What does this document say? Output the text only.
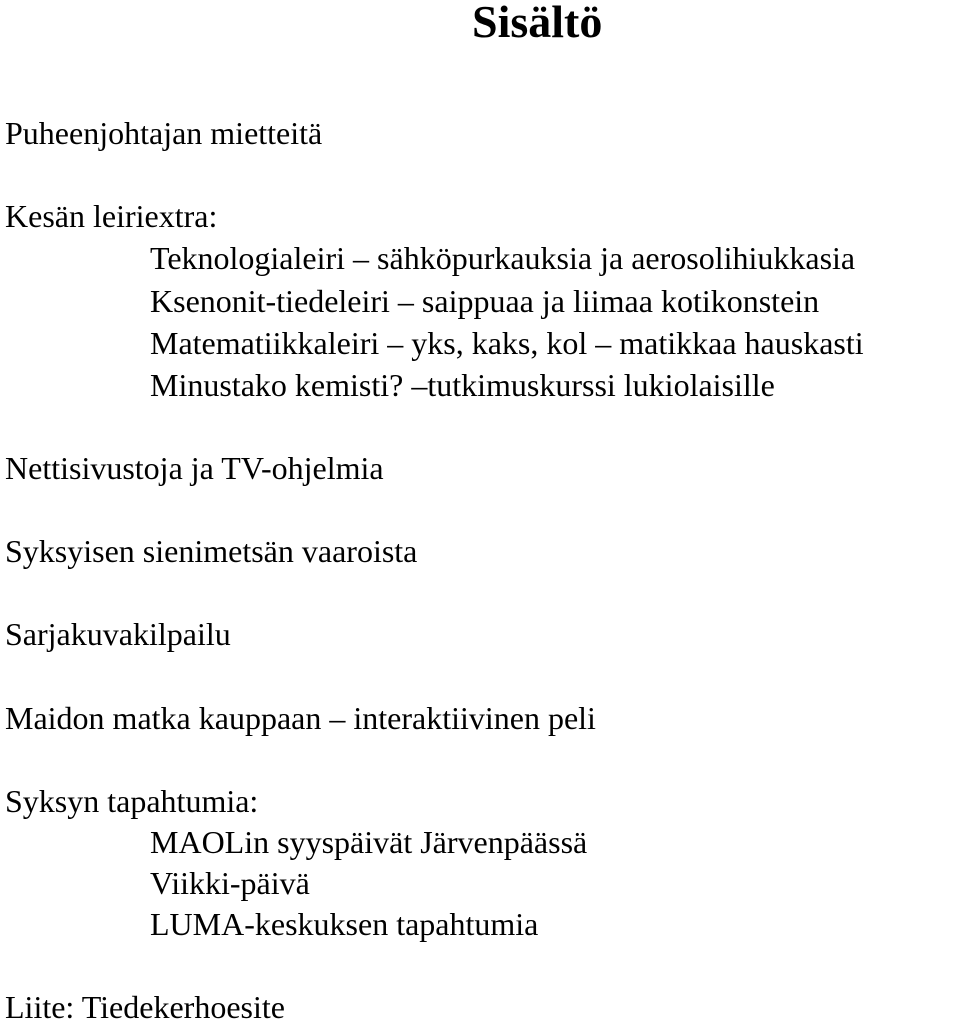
Sisältö
Puheenjohtajan mietteitä
Kesän leiriextra:
Teknologialeiri – sähköpurkauksia ja aerosolihiukkasia
Ksenonit-tiedeleiri – saippuaa ja liimaa kotikonstein
Matematiikkaleiri – yks, kaks, kol – matikkaa hauskasti
Minustako kemisti? –tutkimuskurssi lukiolaisille
Nettisivustoja ja TV-ohjelmia
Syksyisen sienimetsän vaaroista
Sarjakuvakilpailu
Maidon matka kauppaan – interaktiivinen peli
Syksyn tapahtumia:
MAOLin syyspäivät Järvenpäässä
Viikki-päivä
LUMA-keskuksen tapahtumia
Liite: Tiedekerhoesite
